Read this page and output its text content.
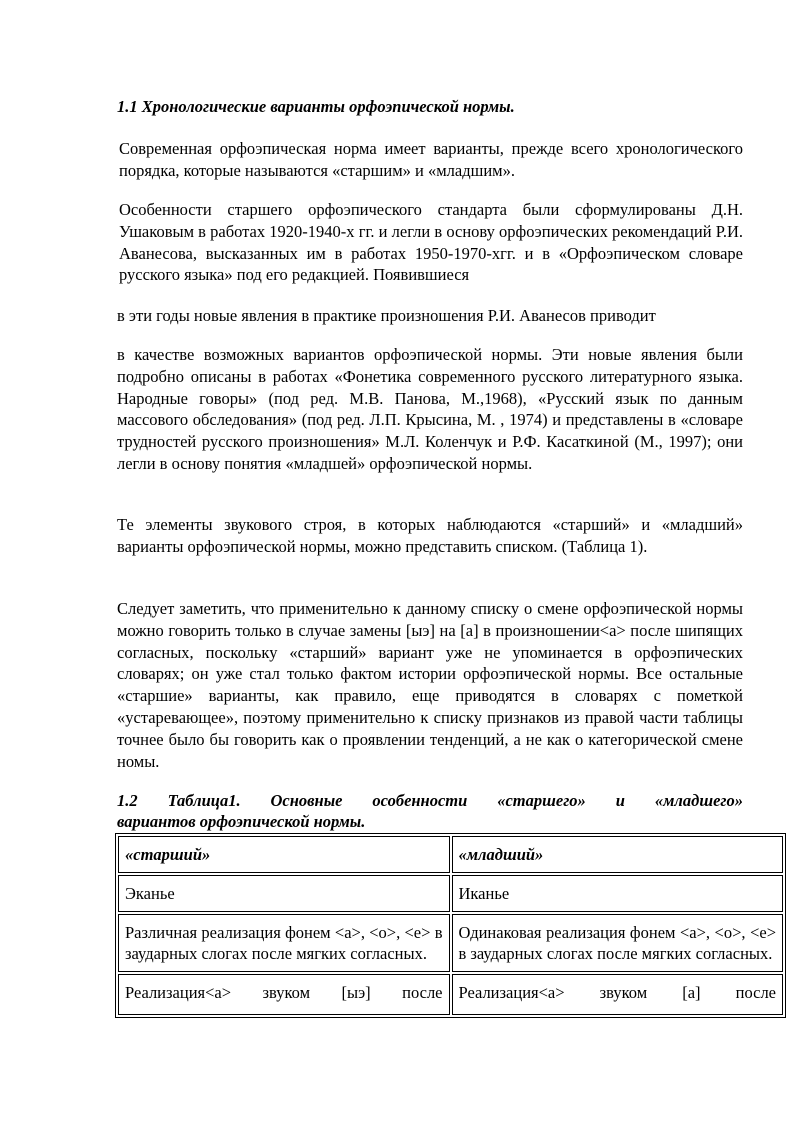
1.1 Хронологические варианты орфоэпической нормы.

Современная орфоэпическая норма имеет варианты, прежде всего хронологического порядка, которые называются «старшим» и «младшим».

Особенности старшего орфоэпического стандарта были сформулированы Д.Н. Ушаковым в работах 1920-1940-х гг. и легли в основу орфоэпических рекомендаций Р.И. Аванесова, высказанных им в работах 1950-1970-хгг. и в «Орфоэпическом словаре русского языка» под его редакцией. Появившиеся

в эти годы новые явления в практике произношения Р.И. Аванесов приводит

в качестве возможных вариантов орфоэпической нормы. Эти новые явления были подробно описаны в работах «Фонетика современного русского литературного языка. Народные говоры» (под ред. М.В. Панова, М.,1968), «Русский язык по данным массового обследования» (под ред. Л.П. Крысина, М. , 1974) и представлены в «словаре трудностей русского произношения» М.Л. Коленчук и Р.Ф. Касаткиной (М., 1997); они легли в основу понятия «младшей» орфоэпической нормы.

Те элементы звукового строя, в которых наблюдаются «старший» и «младший» варианты орфоэпической нормы, можно представить списком. (Таблица 1).

Следует заметить, что применительно к данному списку о смене орфоэпической нормы можно говорить только в случае замены [ыэ] на [а] в произношении<а> после шипящих согласных, поскольку «старший» вариант уже не упоминается в орфоэпических словарях; он уже стал только фактом истории орфоэпической нормы. Все остальные «старшие» варианты, как правило, еще приводятся в словарях с пометкой «устаревающее», поэтому применительно к списку признаков из правой части таблицы точнее было бы говорить как о проявлении тенденций, а не как о категорической смене номы.

1.2 Таблица1. Основные особенности «старшего» и «младшего»

вариантов орфоэпической нормы.

«старший»	«младший»
Эканье	Иканье
Различная реализация фонем <а>, <о>, <е> в заударных слогах после мягких согласных.	Одинаковая реализация фонем <а>, <о>, <е> в заударных слогах после мягких согласных.
Реализация<а> звуком [ыэ] после	Реализация<а> звуком [а] после
